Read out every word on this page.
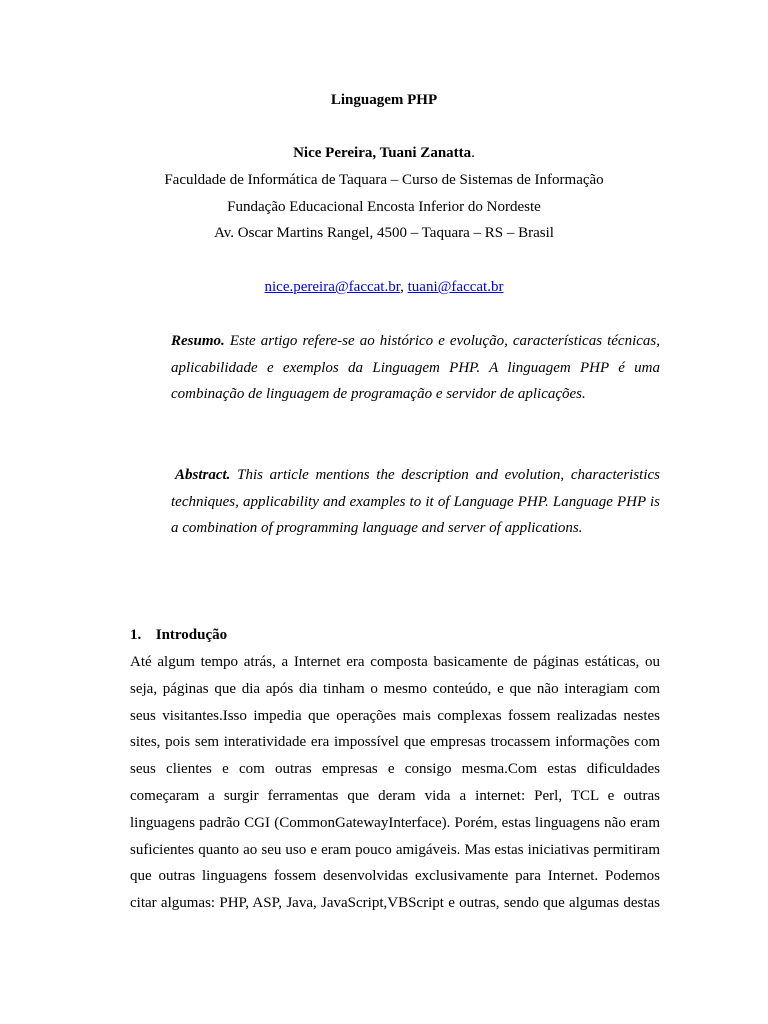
Linguagem PHP
Nice Pereira, Tuani Zanatta.
Faculdade de Informática de Taquara – Curso de Sistemas de Informação
Fundação Educacional Encosta Inferior do Nordeste
Av. Oscar Martins Rangel, 4500 – Taquara – RS – Brasil
nice.pereira@faccat.br, tuani@faccat.br
Resumo. Este artigo refere-se ao histórico e evolução, características técnicas, aplicabilidade e exemplos da Linguagem PHP. A linguagem PHP é uma combinação de linguagem de programação e servidor de aplicações.
Abstract. This article mentions the description and evolution, characteristics techniques, applicability and examples to it of Language PHP. Language PHP is a combination of programming language and server of applications.
1. Introdução
Até algum tempo atrás, a Internet era composta basicamente de páginas estáticas, ou
seja, páginas que dia após dia tinham o mesmo conteúdo, e que não interagiam com
seus visitantes.Isso impedia que operações mais complexas fossem realizadas nestes
sites, pois sem interatividade era impossível que empresas trocassem informações com
seus clientes e com outras empresas e consigo mesma.Com estas dificuldades
começaram a surgir ferramentas que deram vida a internet: Perl, TCL e outras
linguagens padrão CGI (CommonGatewayInterface). Porém, estas linguagens não eram
suficientes quanto ao seu uso e eram pouco amigáveis. Mas estas iniciativas permitiram
que outras linguagens fossem desenvolvidas exclusivamente para Internet. Podemos
citar algumas: PHP, ASP, Java, JavaScript,VBScript e outras, sendo que algumas destas
